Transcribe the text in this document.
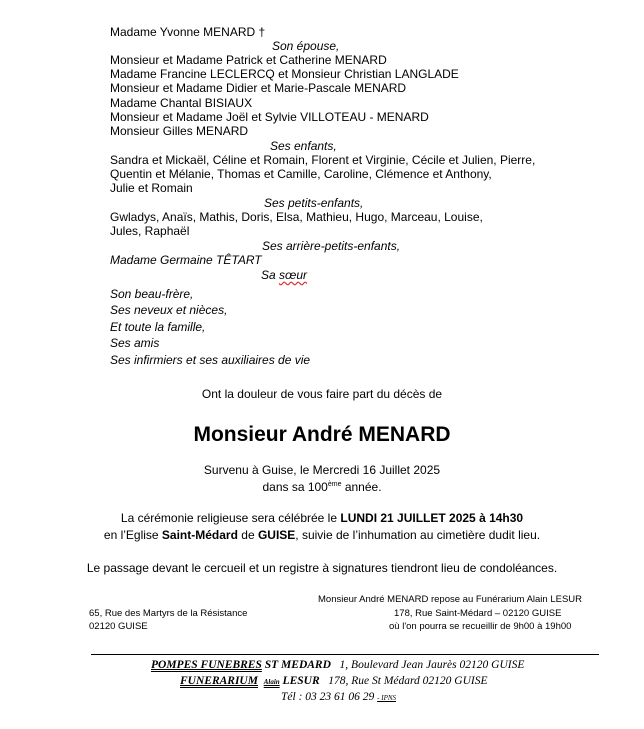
Madame Yvonne MENARD †
Son épouse,
Monsieur et Madame Patrick et Catherine MENARD
Madame Francine LECLERCQ et Monsieur Christian LANGLADE
Monsieur et Madame Didier et Marie-Pascale MENARD
Madame Chantal BISIAUX
Monsieur et Madame Joël et Sylvie VILLOTEAU - MENARD
Monsieur Gilles MENARD
Ses enfants,
Sandra et Mickaël, Céline et Romain, Florent et Virginie, Cécile et Julien, Pierre,
Quentin et Mélanie, Thomas et Camille, Caroline, Clémence et Anthony,
Julie et Romain
Ses petits-enfants,
Gwladys, Anaïs, Mathis, Doris, Elsa, Mathieu, Hugo, Marceau, Louise,
Jules, Raphaël
Ses arrière-petits-enfants,
Madame Germaine TÊTART
Sa sœur
Son beau-frère,
Ses neveux et nièces,
Et toute la famille,
Ses amis
Ses infirmiers et ses auxiliaires de vie
Ont la douleur de vous faire part du décès de
Monsieur André MENARD
Survenu à Guise, le Mercredi 16 Juillet 2025
dans sa 100ème année.
La cérémonie religieuse sera célébrée le LUNDI 21 JUILLET 2025 à 14h30
en l’Eglise Saint-Médard de GUISE, suivie de l’inhumation au cimetière dudit lieu.
Le passage devant le cercueil et un registre à signatures tiendront lieu de condoléances.
65, Rue des Martyrs de la Résistance
02120 GUISE
Monsieur André MENARD repose au Funérarium Alain LESUR
178, Rue Saint-Médard – 02120 GUISE
où l'on pourra se recueillir de 9h00 à 19h00
POMPES FUNEBRES ST MEDARD 1, Boulevard Jean Jaurès 02120 GUISE
FUNERARIUM Alain LESUR 178, Rue St Médard 02120 GUISE
Tél : 03 23 61 06 29 - IPNS
